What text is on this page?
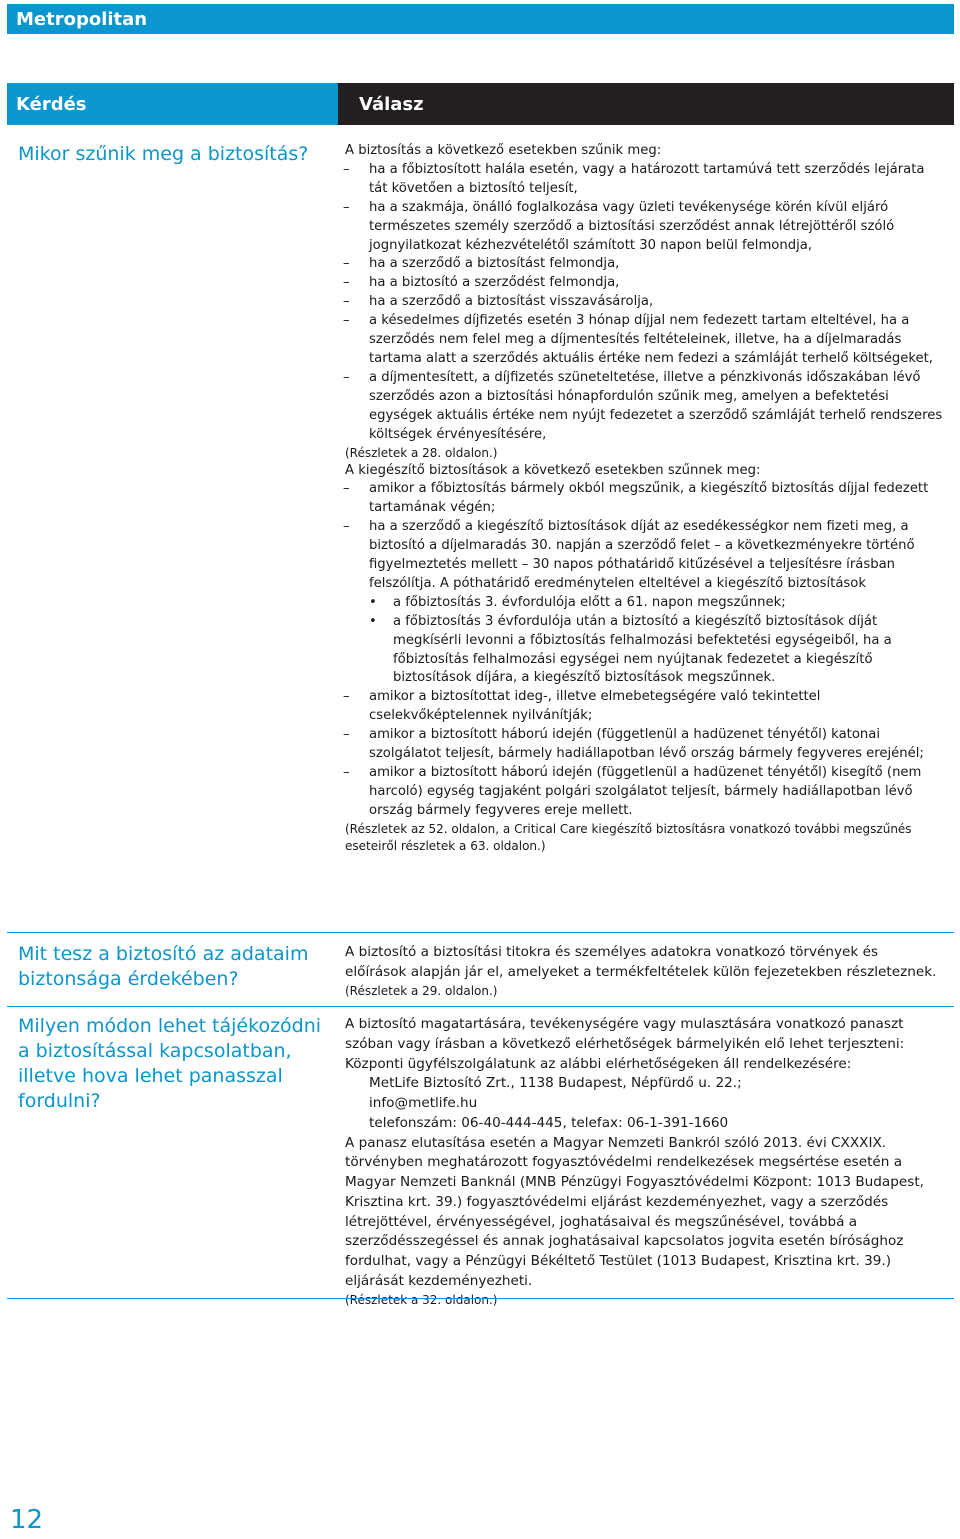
Metropolitan
Kérdés	Válasz
Mikor szűnik meg a biztosítás?	A biztosítás a következő esetekben szűnik meg:

– ha a főbiztosított halála esetén, vagy a határozott tartamúvá tett szerződés lejárata tát követően a biztosító teljesít,
– ha a szakmája, önálló foglalkozása vagy üzleti tevékenysége körén kívül eljáró természetes személy szerződő a biztosítási szerződést annak létrejöttéről szóló jognyilatkozat kézhezvételétől számított 30 napon belül felmondja,
– ha a szerződő a biztosítást felmondja,
– ha a biztosító a szerződést felmondja,
– ha a szerződő a biztosítást visszavásárolja,
– a késedelmes díjfizetés esetén 3 hónap díjjal nem fedezett tartam elteltével, ha a szerződés nem felel meg a díjmentesítés feltételeinek, illetve, ha a díjelmaradás tartama alatt a szerződés aktuális értéke nem fedezi a számláját terhelő költségeket,
– a díjmentesített, a díjfizetés szüneteltetése, illetve a pénzkivonás időszakában lévő szerződés azon a biztosítási hónapfordulón szűnik meg, amelyen a befektetési egységek aktuális értéke nem nyújt fedezetet a szerződő számláját terhelő rendszeres költségek érvényesítésére,

(Részletek a 28. oldalon.)

A kiegészítő biztosítások a következő esetekben szűnnek meg:

– amikor a főbiztosítás bármely okból megszűnik, a kiegészítő biztosítás díjjal fedezett tartamának végén;
– ha a szerződő a kiegészítő biztosítások díját az esedékességkor nem fizeti meg, a biztosító a díjelmaradás 30. napján a szerződő felet – a következményekre történő figyelmeztetés mellett – 30 napos póthatáridő kitűzésével a teljesítésre írásban felszólítja. A póthatáridő eredménytelen elteltével a kiegészítő biztosítások
• a főbiztosítás 3. évfordulója előtt a 61. napon megszűnnek;
• a főbiztosítás 3 évfordulója után a biztosító a kiegészítő biztosítások díját megkísérli levonni a főbiztosítás felhalmozási befektetési egységeiből, ha a főbiztosítás felhalmozási egységei nem nyújtanak fedezetet a kiegészítő biztosítások díjára, a kiegészítő biztosítások megszűnnek.
– amikor a biztosítottat ideg-, illetve elmebetegségére való tekintettel cselekvőképtelennek nyilvánítják;
– amikor a biztosított háború idején (függetlenül a hadüzenet tényétől) katonai szolgálatot teljesít, bármely hadiállapotban lévő ország bármely fegyveres erejénél;
– amikor a biztosított háború idején (függetlenül a hadüzenet tényétől) kisegítő (nem harcoló) egység tagjaként polgári szolgálatot teljesít, bármely hadiállapotban lévő ország bármely fegyveres ereje mellett.

(Részletek az 52. oldalon, a Critical Care kiegészítő biztosításra vonatkozó további megszűnés eseteiről részletek a 63. oldalon.)

Mit tesz a biztosító az adataim biztonsága érdekében?

A biztosító a biztosítási titokra és személyes adatokra vonatkozó törvények és előírások alapján jár el, amelyeket a termékfeltételek külön fejezetekben részleteznek.

(Részletek a 29. oldalon.)

Milyen módon lehet tájékozódni a biztosítással kapcsolatban, illetve hova lehet panasszal fordulni?

A biztosító magatartására, tevékenységére vagy mulasztására vonatkozó panaszt szóban vagy írásban a következő elérhetőségek bármelyikén elő lehet terjeszteni: Központi ügyfélszolgálatunk az alábbi elérhetőségeken áll rendelkezésére:

MetLife Biztosító Zrt., 1138 Budapest, Népfürdő u. 22.;

info@metlife.hu

telefonszám: 06-40-444-445, telefax: 06-1-391-1660

A panasz elutasítása esetén a Magyar Nemzeti Bankról szóló 2013. évi CXXXIX. törvényben meghatározott fogyasztóvédelmi rendelkezések megsértése esetén a Magyar Nemzeti Banknál (MNB Pénzügyi Fogyasztóvédelmi Központ: 1013 Budapest, Krisztina krt. 39.) fogyasztóvédelmi eljárást kezdeményezhet, vagy a szerződés létrejöttével, érvényességével, joghatásaival és megszűnésével, továbbá a szerződésszegéssel és annak joghatásaival kapcsolatos jogvita esetén bírósághoz fordulhat, vagy a Pénzügyi Békéltető Testület (1013 Budapest, Krisztina krt. 39.) eljárását kezdeményezheti.

(Részletek a 32. oldalon.)

12
